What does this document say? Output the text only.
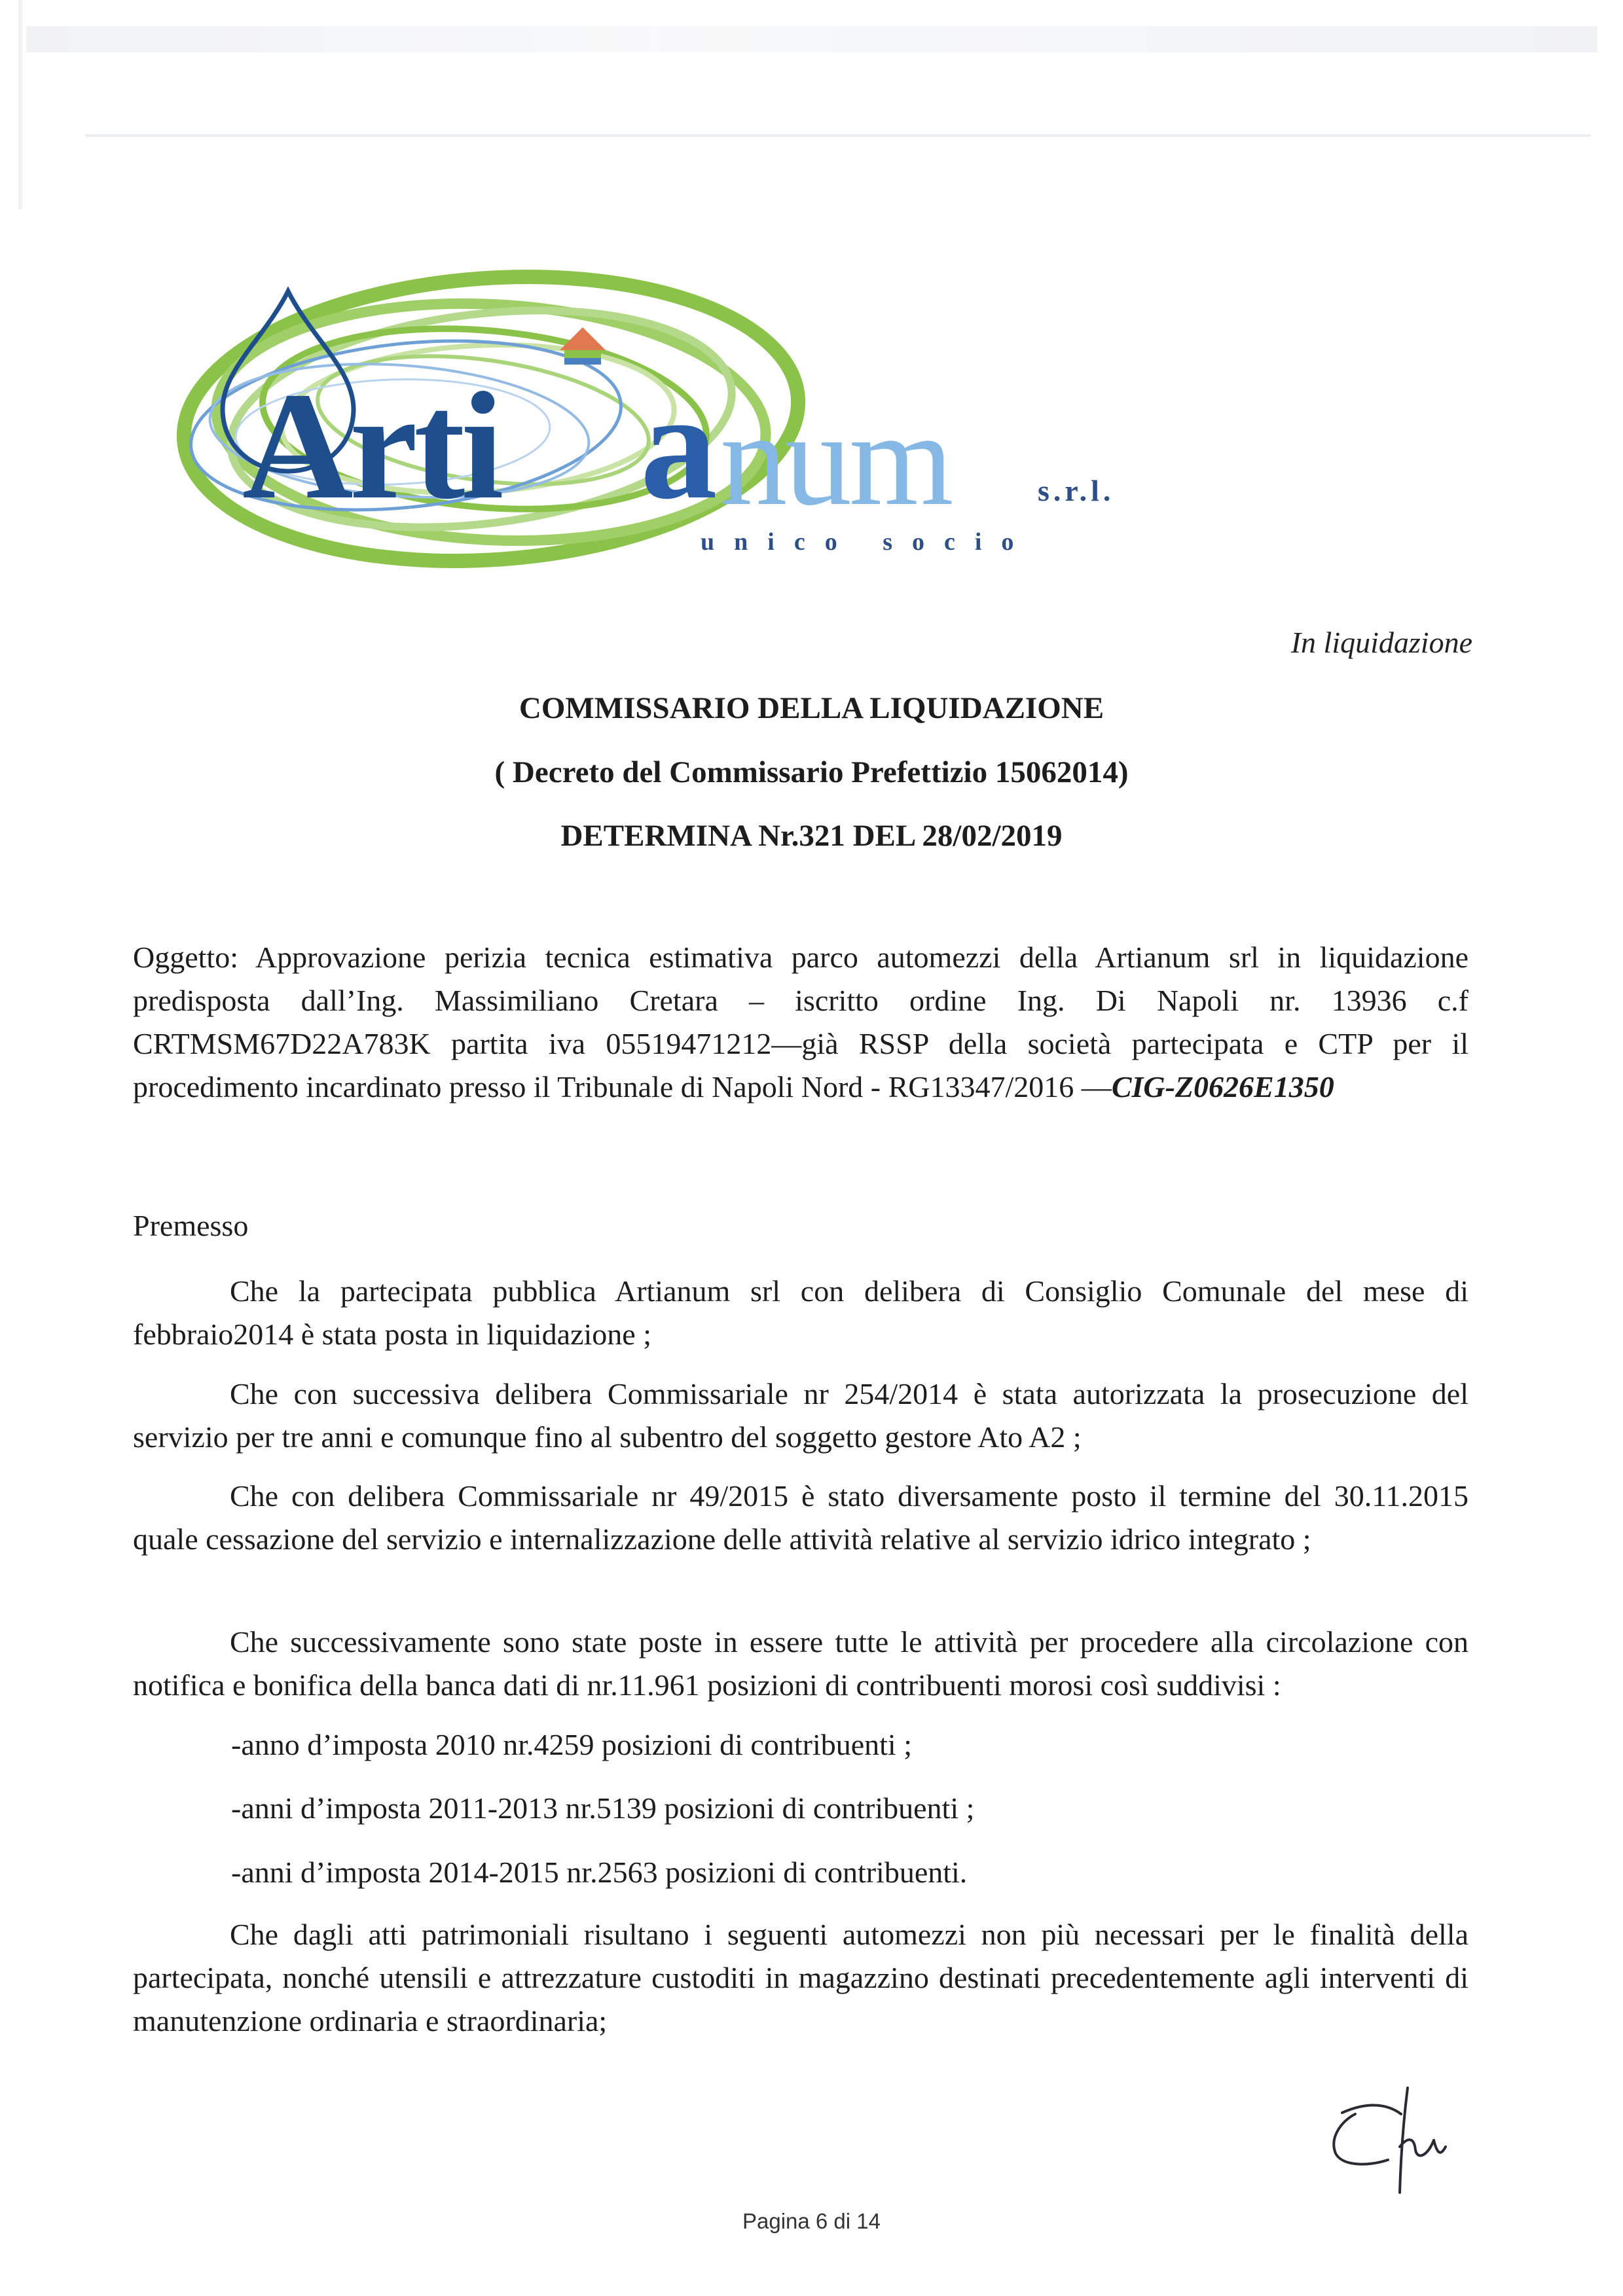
Arti a num	s.r.l.
unico socio
In liquidazione
COMMISSARIO DELLA LIQUIDAZIONE
( Decreto del Commissario Prefettizio 15062014)
DETERMINA Nr.321 DEL 28/02/2019
Oggetto: Approvazione perizia tecnica estimativa parco automezzi della Artianum srl in liquidazione predisposta dall’Ing. Massimiliano Cretara – iscritto ordine Ing. Di Napoli nr. 13936 c.f CRTMSM67D22A783K partita iva 05519471212—già RSSP della società partecipata e CTP per il procedimento incardinato presso il Tribunale di Napoli Nord - RG13347/2016 —CIG-Z0626E1350
Premesso
Che la partecipata pubblica Artianum srl con delibera di Consiglio Comunale del mese di febbraio2014 è stata posta in liquidazione ;
Che con successiva delibera Commissariale nr 254/2014 è stata autorizzata la prosecuzione del servizio per tre anni e comunque fino al subentro del soggetto gestore Ato A2 ;
Che con delibera Commissariale nr 49/2015 è stato diversamente posto il termine del 30.11.2015 quale cessazione del servizio e internalizzazione delle attività relative al servizio idrico integrato ;
Che successivamente sono state poste in essere tutte le attività per procedere alla circolazione con notifica e bonifica della banca dati di nr.11.961 posizioni di contribuenti morosi così suddivisi :
-anno d’imposta 2010 nr.4259 posizioni di contribuenti ;
-anni d’imposta 2011-2013 nr.5139 posizioni di contribuenti ;
-anni d’imposta 2014-2015 nr.2563 posizioni di contribuenti.
Che dagli atti patrimoniali risultano i seguenti automezzi non più necessari per le finalità della partecipata, nonché utensili e attrezzature custoditi in magazzino destinati precedentemente agli interventi di manutenzione ordinaria e straordinaria;
Pagina 6 di 14
